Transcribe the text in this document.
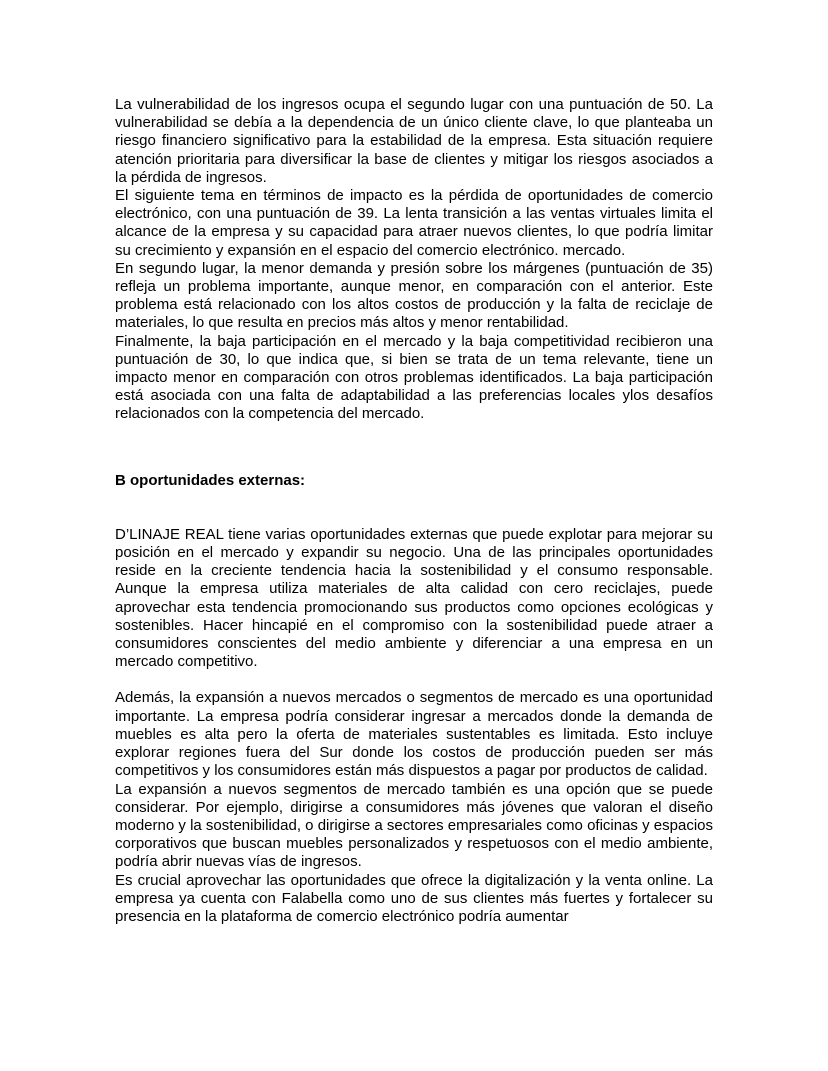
La vulnerabilidad de los ingresos ocupa el segundo lugar con una puntuación de 50. La vulnerabilidad se debía a la dependencia de un único cliente clave, lo que planteaba un riesgo financiero significativo para la estabilidad de la empresa. Esta situación requiere atención prioritaria para diversificar la base de clientes y mitigar los riesgos asociados a la pérdida de ingresos.

El siguiente tema en términos de impacto es la pérdida de oportunidades de comercio electrónico, con una puntuación de 39. La lenta transición a las ventas virtuales limita el alcance de la empresa y su capacidad para atraer nuevos clientes, lo que podría limitar su crecimiento y expansión en el espacio del comercio electrónico. mercado.

En segundo lugar, la menor demanda y presión sobre los márgenes (puntuación de 35) refleja un problema importante, aunque menor, en comparación con el anterior. Este problema está relacionado con los altos costos de producción y la falta de reciclaje de materiales, lo que resulta en precios más altos y menor rentabilidad.

Finalmente, la baja participación en el mercado y la baja competitividad recibieron una puntuación de 30, lo que indica que, si bien se trata de un tema relevante, tiene un impacto menor en comparación con otros problemas identificados. La baja participación está asociada con una falta de adaptabilidad a las preferencias locales ylos desafíos relacionados con la competencia del mercado.

B oportunidades externas:

D’LINAJE REAL tiene varias oportunidades externas que puede explotar para mejorar su posición en el mercado y expandir su negocio. Una de las principales oportunidades reside en la creciente tendencia hacia la sostenibilidad y el consumo responsable. Aunque la empresa utiliza materiales de alta calidad con cero reciclajes, puede aprovechar esta tendencia promocionando sus productos como opciones ecológicas y sostenibles. Hacer hincapié en el compromiso con la sostenibilidad puede atraer a consumidores conscientes del medio ambiente y diferenciar a una empresa en un mercado competitivo.

Además, la expansión a nuevos mercados o segmentos de mercado es una oportunidad importante. La empresa podría considerar ingresar a mercados donde la demanda de muebles es alta pero la oferta de materiales sustentables es limitada. Esto incluye explorar regiones fuera del Sur donde los costos de producción pueden ser más competitivos y los consumidores están más dispuestos a pagar por productos de calidad.

La expansión a nuevos segmentos de mercado también es una opción que se puede considerar. Por ejemplo, dirigirse a consumidores más jóvenes que valoran el diseño moderno y la sostenibilidad, o dirigirse a sectores empresariales como oficinas y espacios corporativos que buscan muebles personalizados y respetuosos con el medio ambiente, podría abrir nuevas vías de ingresos.

Es crucial aprovechar las oportunidades que ofrece la digitalización y la venta online. La empresa ya cuenta con Falabella como uno de sus clientes más fuertes y fortalecer su presencia en la plataforma de comercio electrónico podría aumentar
